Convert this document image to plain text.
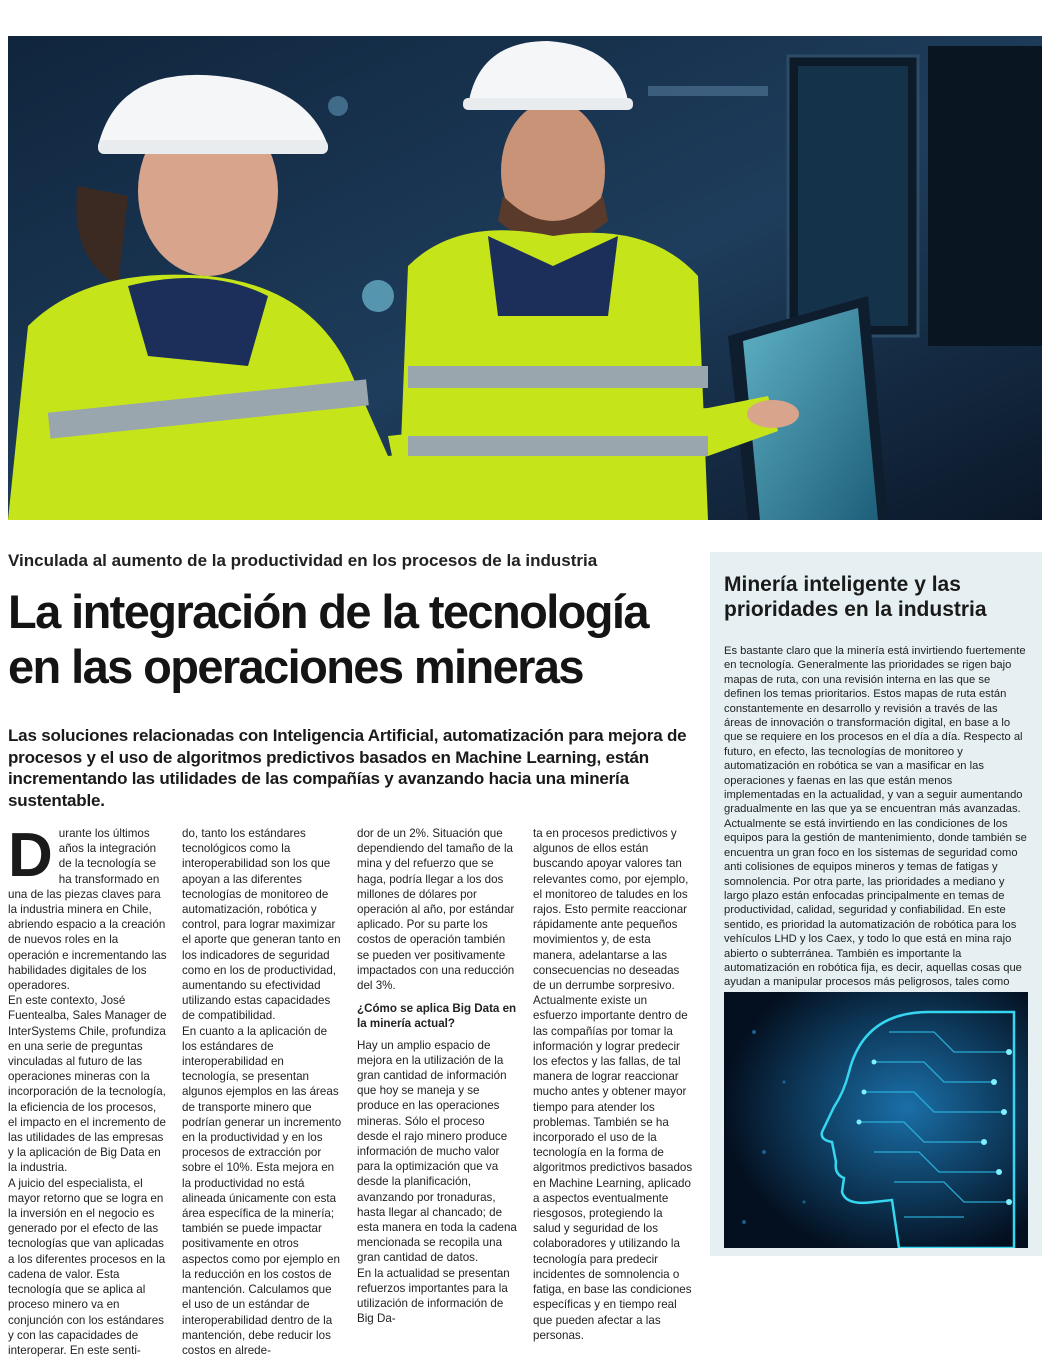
Vinculada al aumento de la productividad en los procesos de la industria
La integración de la tecnología
en las operaciones mineras
Las soluciones relacionadas con Inteligencia Artificial, automatización para mejora de procesos y el uso de algoritmos predictivos basados en Machine Learning, están incrementando las utilidades de las compañías y avanzando hacia una minería sustentable.
D urante los últimos años la integración de la tecnología se ha transformado en una de las piezas claves para la industria minera en Chile, abriendo espacio a la creación de nuevos roles en la operación e incrementando las habilidades digitales de los operadores.

En este contexto, José Fuentealba, Sales Manager de InterSystems Chile, profundiza en una serie de preguntas vinculadas al futuro de las operaciones mineras con la incorporación de la tecnología, la eficiencia de los procesos, el impacto en el incremento de las utilidades de las empresas y la aplicación de Big Data en la industria.

A juicio del especialista, el mayor retorno que se logra en la inversión en el negocio es generado por el efecto de las tecnologías que van aplicadas a los diferentes procesos en la cadena de valor. Esta tecnología que se aplica al proceso minero va en conjunción con los estándares y con las capacidades de interoperar. En este senti-

do, tanto los estándares tecnológicos como la interoperabilidad son los que apoyan a las diferentes tecnologías de monitoreo de automatización, robótica y control, para lograr maximizar el aporte que generan tanto en los indicadores de seguridad como en los de productividad, aumentando su efectividad utilizando estas capacidades de compatibilidad.

En cuanto a la aplicación de los estándares de interoperabilidad en tecnología, se presentan algunos ejemplos en las áreas de transporte minero que podrían generar un incremento en la productividad y en los procesos de extracción por sobre el 10%. Esta mejora en la productividad no está alineada únicamente con esta área específica de la minería; también se puede impactar positivamente en otros aspectos como por ejemplo en la reducción en los costos de mantención. Calculamos que el uso de un estándar de interoperabilidad dentro de la mantención, debe reducir los costos en alrede-

dor de un 2%. Situación que dependiendo del tamaño de la mina y del refuerzo que se haga, podría llegar a los dos millones de dólares por operación al año, por estándar aplicado. Por su parte los costos de operación también se pueden ver positivamente impactados con una reducción del 3%.

¿Cómo se aplica Big Data en la minería actual?

Hay un amplio espacio de mejora en la utilización de la gran cantidad de información que hoy se maneja y se produce en las operaciones mineras. Sólo el proceso desde el rajo minero produce información de mucho valor para la optimización que va desde la planificación, avanzando por tronaduras, hasta llegar al chancado; de esta manera en toda la cadena mencionada se recopila una gran cantidad de datos.

En la actualidad se presentan refuerzos importantes para la utilización de información de Big Da-

ta en procesos predictivos y algunos de ellos están buscando apoyar valores tan relevantes como, por ejemplo, el monitoreo de taludes en los rajos. Esto permite reaccionar rápidamente ante pequeños movimientos y, de esta manera, adelantarse a las consecuencias no deseadas de un derrumbe sorpresivo.

Actualmente existe un esfuerzo importante dentro de las compañías por tomar la información y lograr predecir los efectos y las fallas, de tal manera de lograr reaccionar mucho antes y obtener mayor tiempo para atender los problemas. También se ha incorporado el uso de la tecnología en la forma de algoritmos predictivos basados en Machine Learning, aplicado a aspectos eventualmente riesgosos, protegiendo la salud y seguridad de los colaboradores y utilizando la tecnología para predecir incidentes de somnolencia o fatiga, en base las condiciones específicas y en tiempo real que pueden afectar a las personas.

Minería inteligente y las prioridades en la industria
Es bastante claro que la minería está invirtiendo fuertemente en tecnología. Generalmente las prioridades se rigen bajo mapas de ruta, con una revisión interna en las que se definen los temas prioritarios. Estos mapas de ruta están constantemente en desarrollo y revisión a través de las áreas de innovación o transformación digital, en base a lo que se requiere en los procesos en el día a día. Respecto al futuro, en efecto, las tecnologías de monitoreo y automatización en robótica se van a masificar en las operaciones y faenas en las que están menos implementadas en la actualidad, y van a seguir aumentando gradualmente en las que ya se encuentran más avanzadas. Actualmente se está invirtiendo en las condiciones de los equipos para la gestión de mantenimiento, donde también se encuentra un gran foco en los sistemas de seguridad como anti colisiones de equipos mineros y temas de fatigas y somnolencia. Por otra parte, las prioridades a mediano y largo plazo están enfocadas principalmente en temas de productividad, calidad, seguridad y confiabilidad. En este sentido, es prioridad la automatización de robótica para los vehículos LHD y los Caex, y todo lo que está en mina rajo abierto o subterránea. También es importante la automatización en robótica fija, es decir, aquellas cosas que ayudan a manipular procesos más peligrosos, tales como
